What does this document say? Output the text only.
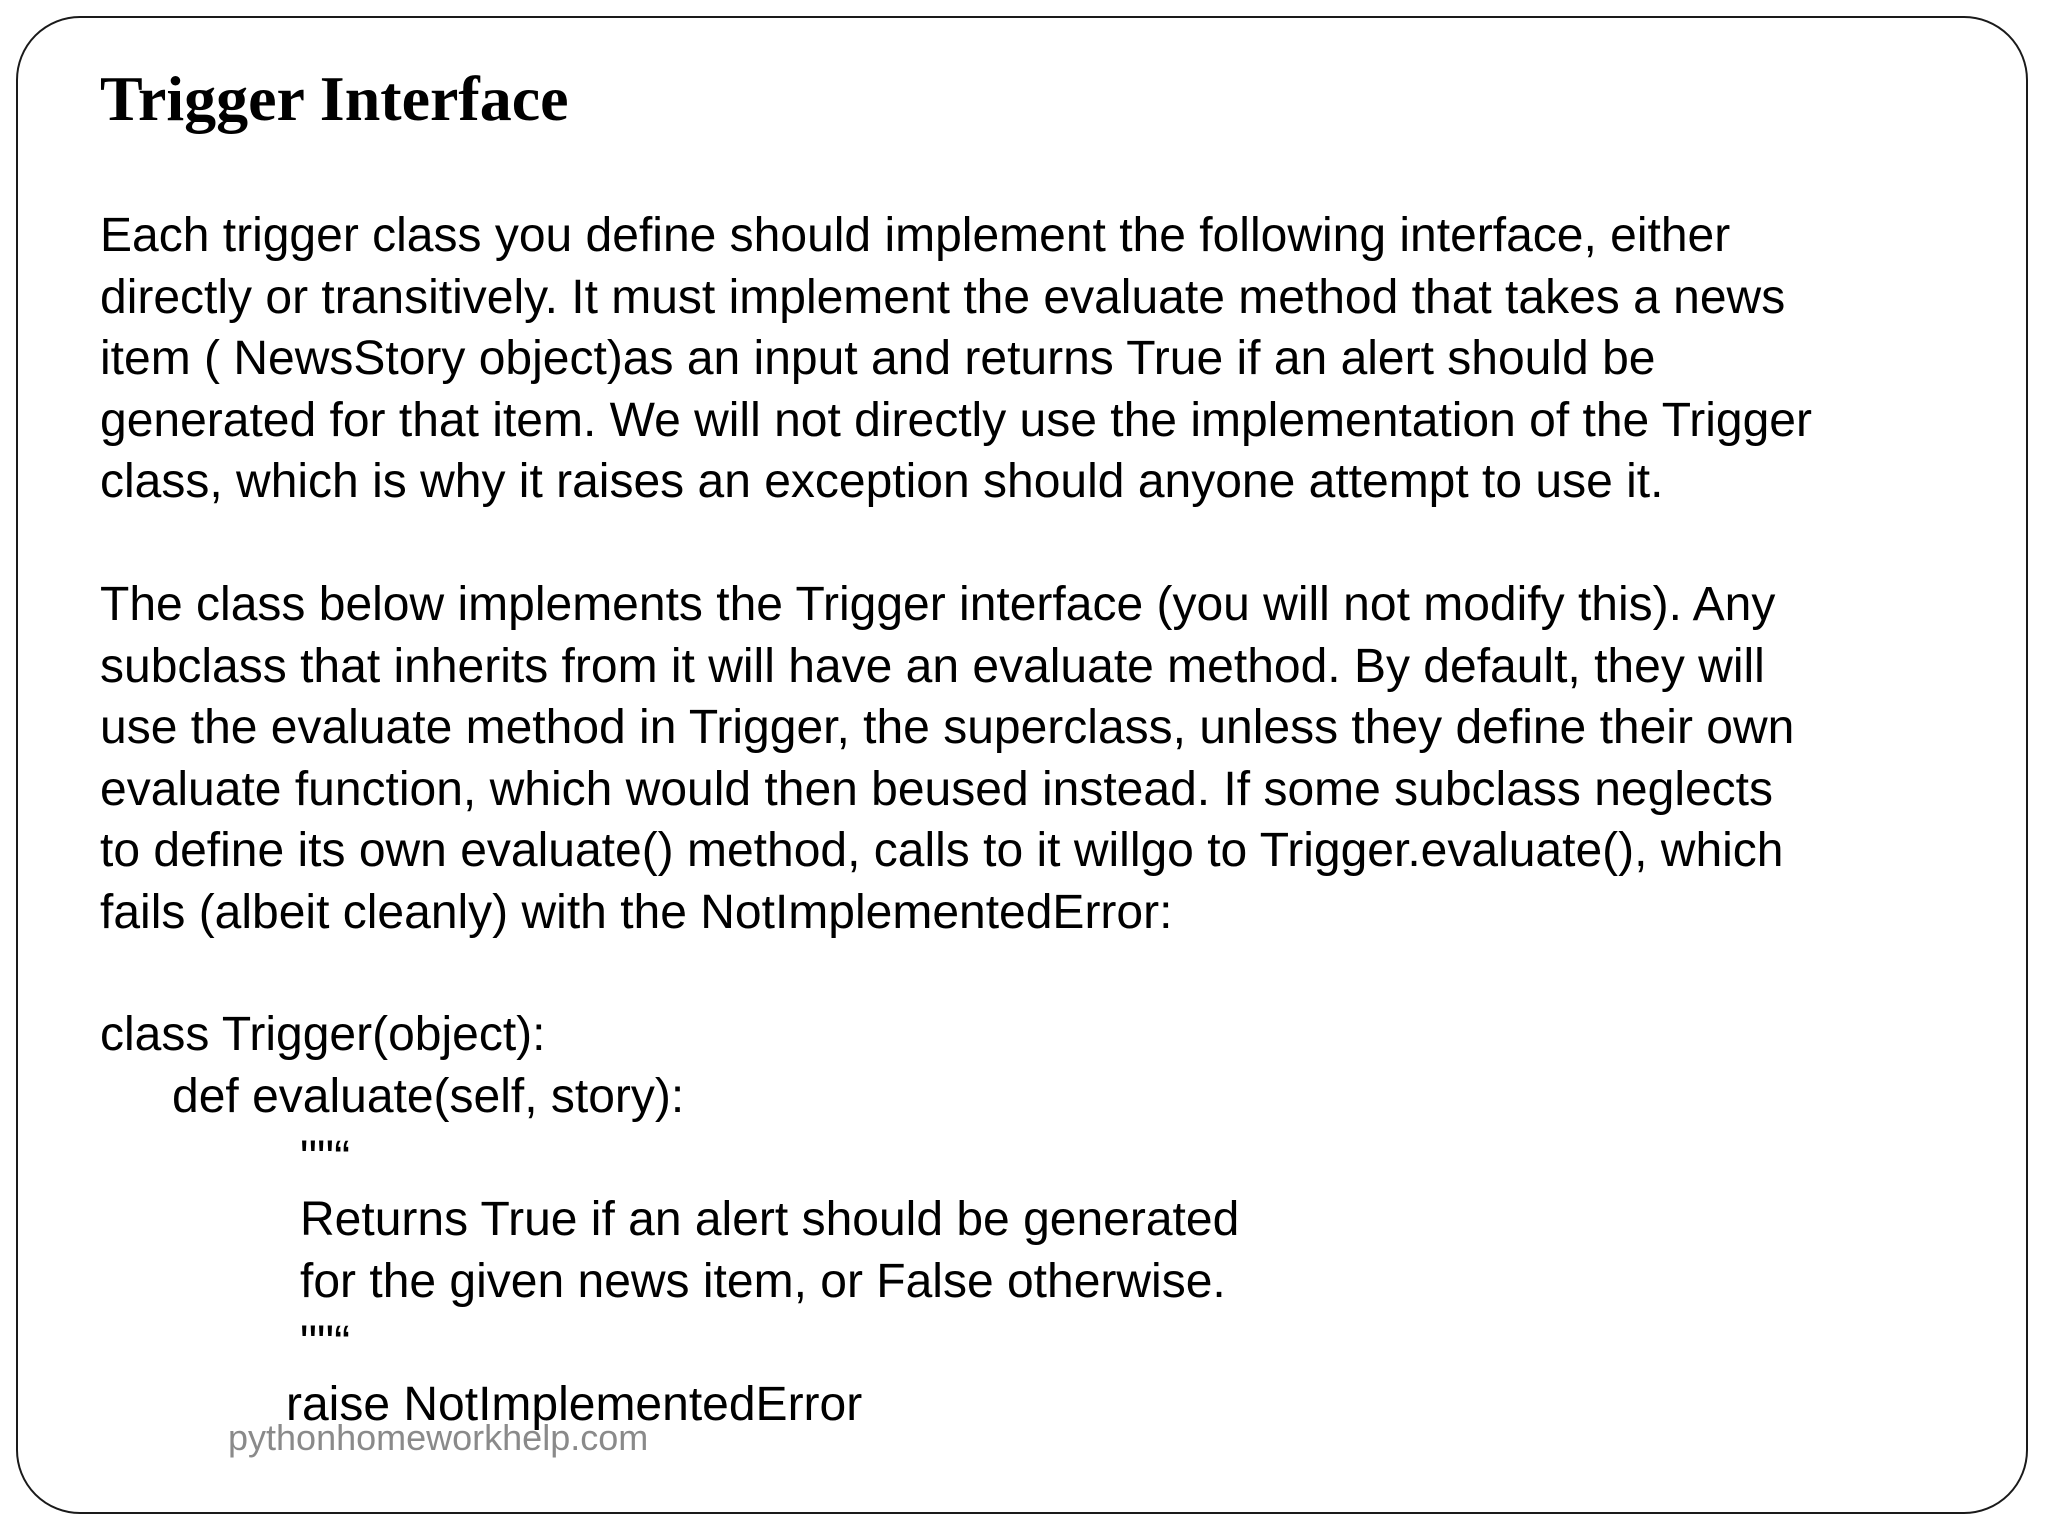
Trigger Interface
Each trigger class you define should implement the following interface, either
directly or transitively. It must implement the evaluate method that takes a news
item ( NewsStory object)as an input and returns True if an alert should be
generated for that item. We will not directly use the implementation of the Trigger
class, which is why it raises an exception should anyone attempt to use it.
The class below implements the Trigger interface (you will not modify this). Any
subclass that inherits from it will have an evaluate method. By default, they will
use the evaluate method in Trigger, the superclass, unless they define their own
evaluate function, which would then beused instead. If some subclass neglects
to define its own evaluate() method, calls to it willgo to Trigger.evaluate(), which
fails (albeit cleanly) with the NotImplementedError:
class Trigger(object):
def evaluate(self, story):
""“
Returns True if an alert should be generated
for the given news item, or False otherwise.
""“
raise NotImplementedError
pythonhomeworkhelp.com
